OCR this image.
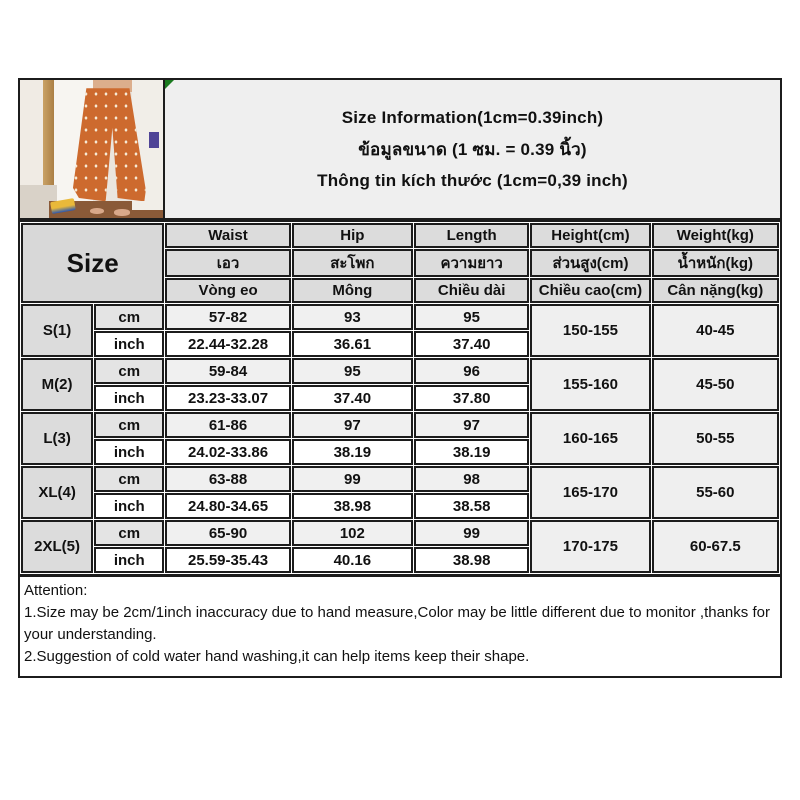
Size Information(1cm=0.39inch)
ข้อมูลขนาด (1 ซม. = 0.39 นิ้ว)
Thông tin kích thước (1cm=0,39 inch)
Size		Waist	Hip	Length	Height(cm)	Weight(kg)
		เอว	สะโพก	ความยาว	ส่วนสูง(cm)	น้ำหนัก(kg)
		Vòng eo	Mông	Chiều dài	Chiều cao(cm)	Cân nặng(kg)
S(1)	cm	57-82	93	95	150-155	40-45
	inch	22.44-32.28	36.61	37.40		
M(2)	cm	59-84	95	96	155-160	45-50
	inch	23.23-33.07	37.40	37.80		
L(3)	cm	61-86	97	97	160-165	50-55
	inch	24.02-33.86	38.19	38.19		
XL(4)	cm	63-88	99	98	165-170	55-60
	inch	24.80-34.65	38.98	38.58		
2XL(5)	cm	65-90	102	99	170-175	60-67.5
	inch	25.59-35.43	40.16	38.98		
Attention:
1.Size may be 2cm/1inch inaccuracy due to hand measure,Color may be little different due to monitor ,thanks for your understanding.
2.Suggestion of cold water hand washing,it can help items keep their shape.
